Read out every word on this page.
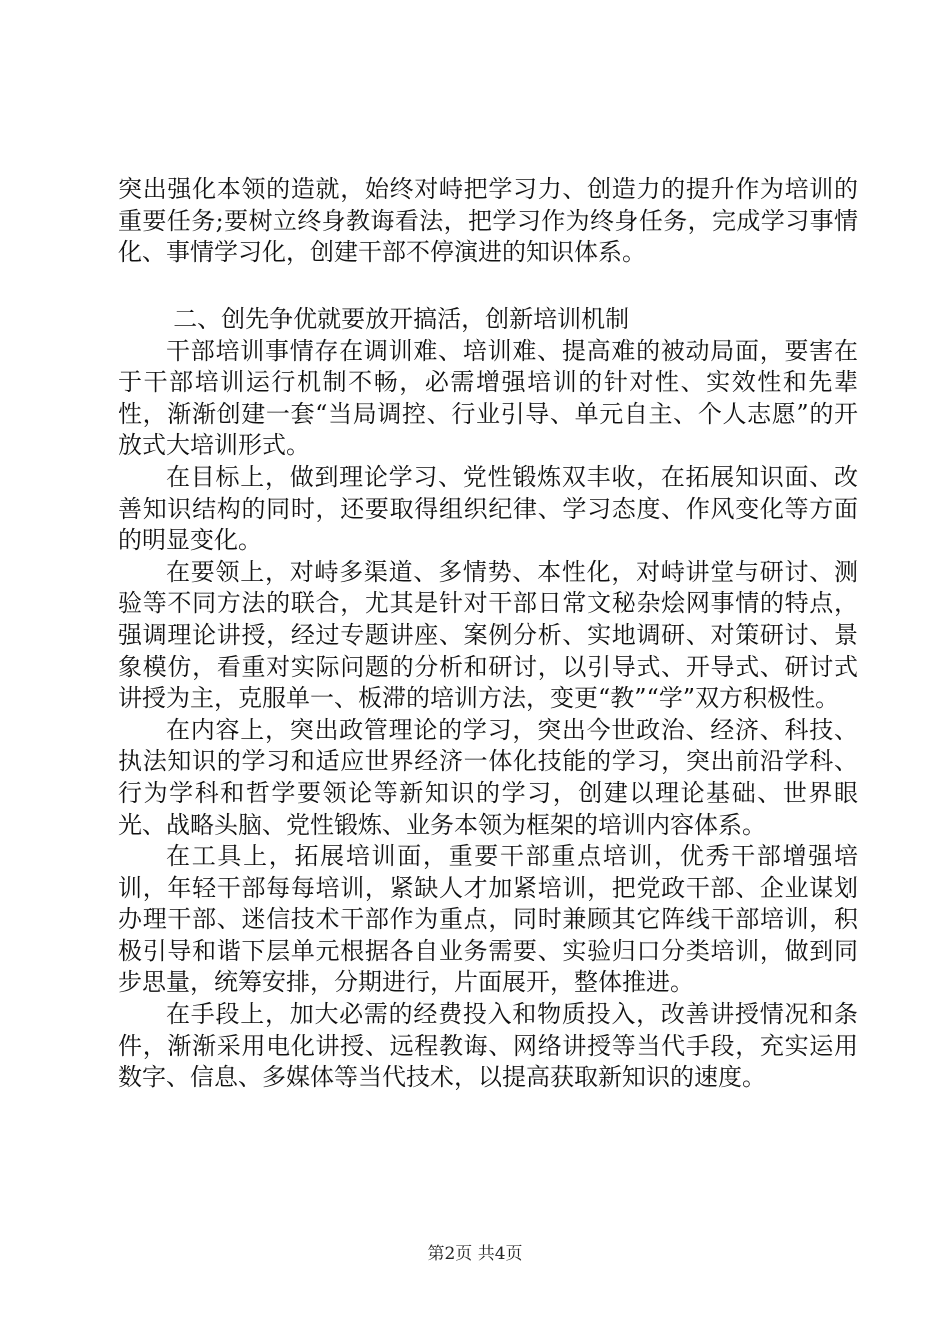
突出强化本领的造就，始终对峙把学习力、创造力的提升作为培训的重要任务;要树立终身教诲看法，把学习作为终身任务，完成学习事情化、事情学习化，创建干部不停演进的知识体系。

二、创先争优就要放开搞活，创新培训机制

干部培训事情存在调训难、培训难、提高难的被动局面，要害在于干部培训运行机制不畅，必需增强培训的针对性、实效性和先辈性，渐渐创建一套“当局调控、行业引导、单元自主、个人志愿”的开放式大培训形式。

在目标上，做到理论学习、党性锻炼双丰收，在拓展知识面、改善知识结构的同时，还要取得组织纪律、学习态度、作风变化等方面的明显变化。

在要领上，对峙多渠道、多情势、本性化，对峙讲堂与研讨、测验等不同方法的联合，尤其是针对干部日常文秘杂烩网事情的特点，强调理论讲授，经过专题讲座、案例分析、实地调研、对策研讨、景象模仿，看重对实际问题的分析和研讨，以引导式、开导式、研讨式讲授为主，克服单一、板滞的培训方法，变更“教”“学”双方积极性。

在内容上，突出政管理论的学习，突出今世政治、经济、科技、执法知识的学习和适应世界经济一体化技能的学习，突出前沿学科、行为学科和哲学要领论等新知识的学习，创建以理论基础、世界眼光、战略头脑、党性锻炼、业务本领为框架的培训内容体系。

在工具上，拓展培训面，重要干部重点培训，优秀干部增强培训，年轻干部每每培训，紧缺人才加紧培训，把党政干部、企业谋划办理干部、迷信技术干部作为重点，同时兼顾其它阵线干部培训，积极引导和谐下层单元根据各自业务需要、实验归口分类培训，做到同步思量，统筹安排，分期进行，片面展开，整体推进。

在手段上，加大必需的经费投入和物质投入，改善讲授情况和条件，渐渐采用电化讲授、远程教诲、网络讲授等当代手段，充实运用数字、信息、多媒体等当代技术，以提高获取新知识的速度。

第2页 共4页
